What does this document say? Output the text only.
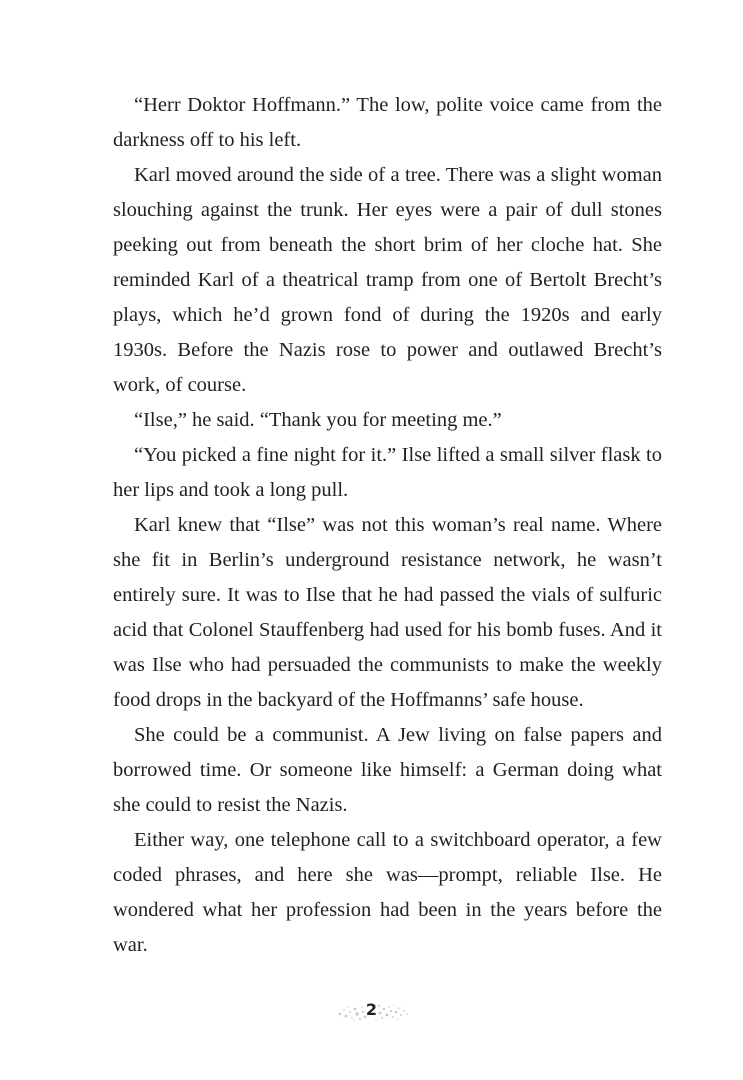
“Herr Doktor Hoffmann.” The low, polite voice came from the darkness off to his left.

Karl moved around the side of a tree. There was a slight woman slouching against the trunk. Her eyes were a pair of dull stones peeking out from beneath the short brim of her cloche hat. She reminded Karl of a theatrical tramp from one of Bertolt Brecht’s plays, which he’d grown fond of during the 1920s and early 1930s. Before the Nazis rose to power and outlawed Brecht’s work, of course.

“Ilse,” he said. “Thank you for meeting me.”

“You picked a fine night for it.” Ilse lifted a small silver flask to her lips and took a long pull.

Karl knew that “Ilse” was not this woman’s real name. Where she fit in Berlin’s underground resistance network, he wasn’t entirely sure. It was to Ilse that he had passed the vials of sulfuric acid that Colonel Stauffenberg had used for his bomb fuses. And it was Ilse who had persuaded the communists to make the weekly food drops in the backyard of the Hoffmanns’ safe house.

She could be a communist. A Jew living on false papers and borrowed time. Or someone like himself: a German doing what she could to resist the Nazis.

Either way, one telephone call to a switchboard operator, a few coded phrases, and here she was—prompt, reliable Ilse. He wondered what her profession had been in the years before the war.

2
